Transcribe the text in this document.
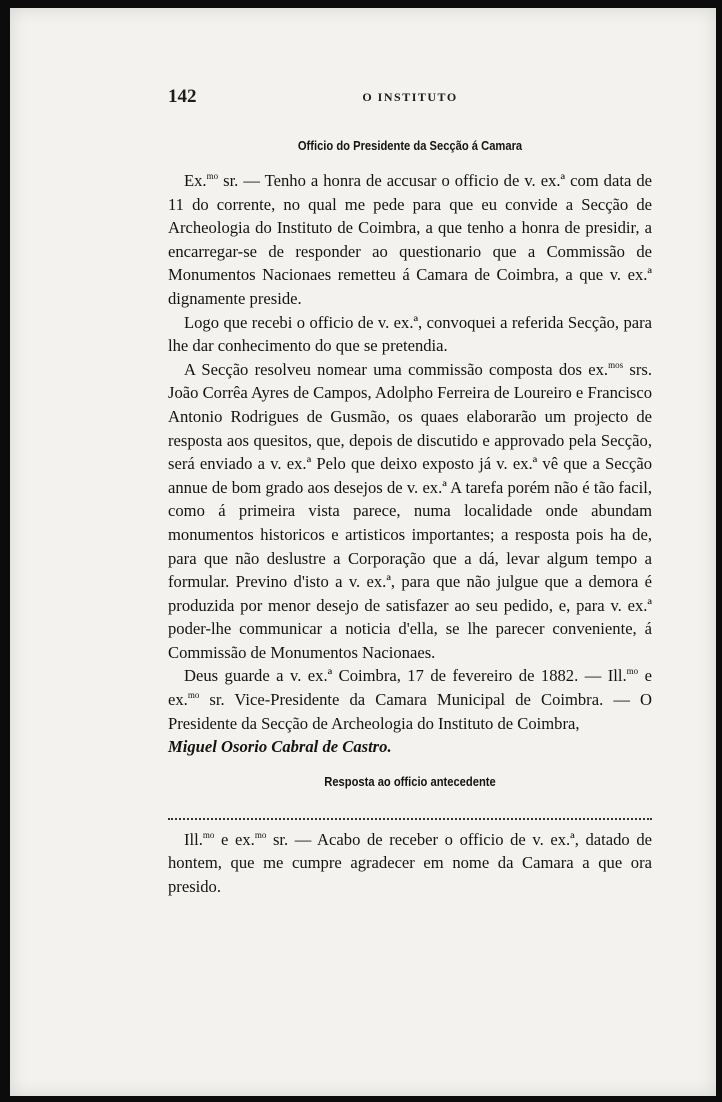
142	O INSTITUTO
Officio do Presidente da Secção á Camara

Ex.$^{mo}$ sr. — Tenho a honra de accusar o officio de v. ex.ª com data de 11 do corrente, no qual me pede para que eu convide a Secção de Archeologia do Instituto de Coimbra, a que tenho a honra de presidir, a encarregar-se de responder ao questionario que a Commissão de Monumentos Nacionaes remetteu á Camara de Coimbra, a que v. ex.ª dignamente preside.

Logo que recebi o officio de v. ex.ª, convoquei a referida Secção, para lhe dar conhecimento do que se pretendia.

A Secção resolveu nomear uma commissão composta dos ex.$^{mos}$ srs. João Corrêa Ayres de Campos, Adolpho Ferreira de Loureiro e Francisco Antonio Rodrigues de Gusmão, os quaes elaborarão um projecto de resposta aos quesitos, que, depois de discutido e approvado pela Secção, será enviado a v. ex.ª Pelo que deixo exposto já v. ex.ª vê que a Secção annue de bom grado aos desejos de v. ex.ª A tarefa porém não é tão facil, como á primeira vista parece, numa localidade onde abundam monumentos historicos e artisticos importantes; a resposta pois ha de, para que não deslustre a Corporação que a dá, levar algum tempo a formular. Previno d'isto a v. ex.ª, para que não julgue que a demora é produzida por menor desejo de satisfazer ao seu pedido, e, para v. ex.ª poder-lhe communicar a noticia d'ella, se lhe parecer conveniente, á Commissão de Monumentos Nacionaes.

Deus guarde a v. ex.ª Coimbra, 17 de fevereiro de 1882. — Ill.$^{mo}$ e ex.$^{mo}$ sr. Vice-Presidente da Camara Municipal de Coimbra. — O Presidente da Secção de Archeologia do Instituto de Coimbra,

Miguel Osorio Cabral de Castro.

Resposta ao officio antecedente

Ill.$^{mo}$ e ex.$^{mo}$ sr. — Acabo de receber o officio de v. ex.ª, datado de hontem, que me cumpre agradecer em nome da Camara a que ora presido.
